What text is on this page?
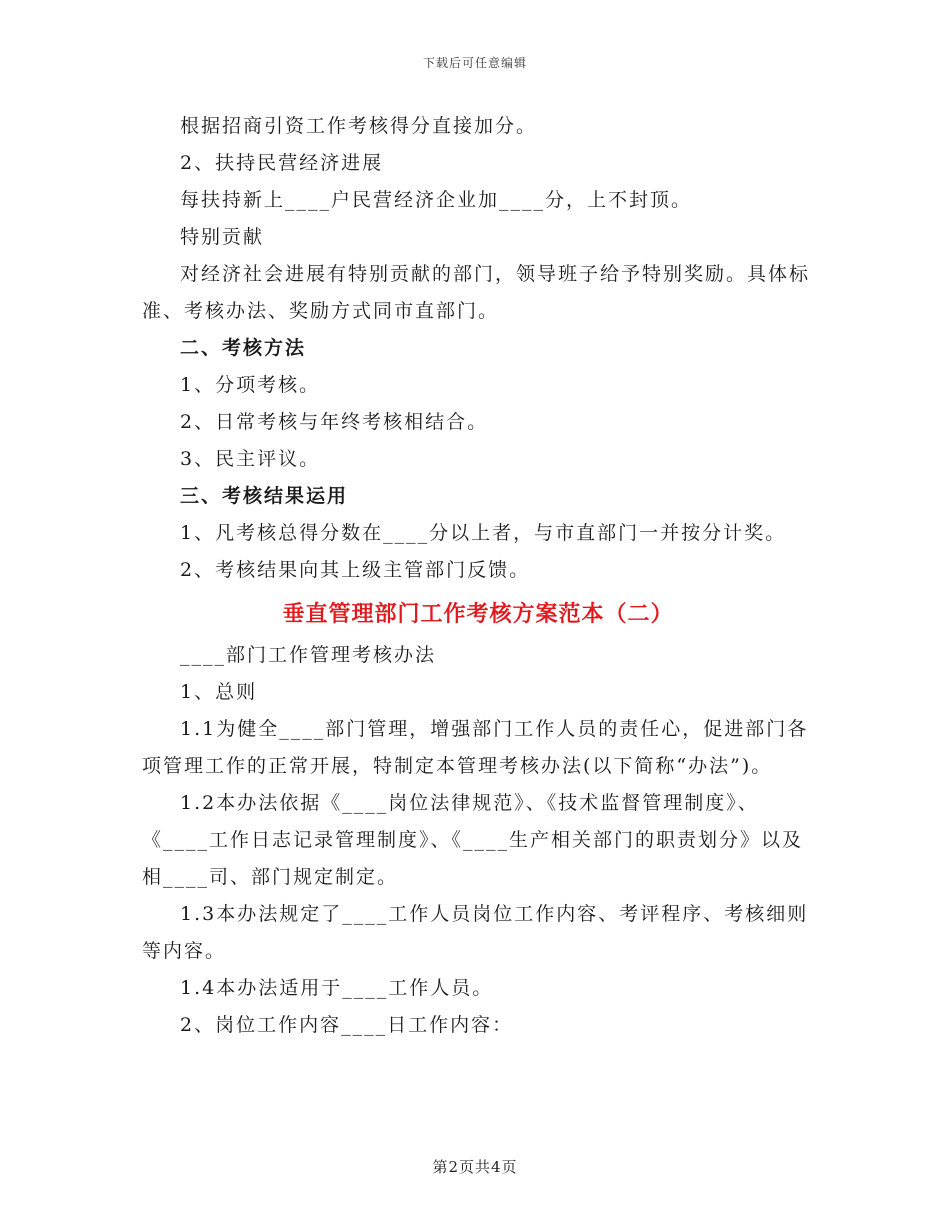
下载后可任意编辑

根据招商引资工作考核得分直接加分。

2、扶持民营经济进展

每扶持新上____户民营经济企业加____分，上不封顶。

特别贡献

对经济社会进展有特别贡献的部门，领导班子给予特别奖励。具体标准、考核办法、奖励方式同市直部门。

二、考核方法

1、分项考核。

2、日常考核与年终考核相结合。

3、民主评议。

三、考核结果运用

1、凡考核总得分数在____分以上者，与市直部门一并按分计奖。

2、考核结果向其上级主管部门反馈。

垂直管理部门工作考核方案范本（二）

____部门工作管理考核办法

1、总则

1.1为健全____部门管理，增强部门工作人员的责任心，促进部门各项管理工作的正常开展，特制定本管理考核办法(以下简称“办法”)。

1.2本办法依据《____岗位法律规范》、《技术监督管理制度》、《____工作日志记录管理制度》、《____生产相关部门的职责划分》以及相____司、部门规定制定。

1.3本办法规定了____工作人员岗位工作内容、考评程序、考核细则等内容。

1.4本办法适用于____工作人员。

2、岗位工作内容____日工作内容：

第2页共4页
